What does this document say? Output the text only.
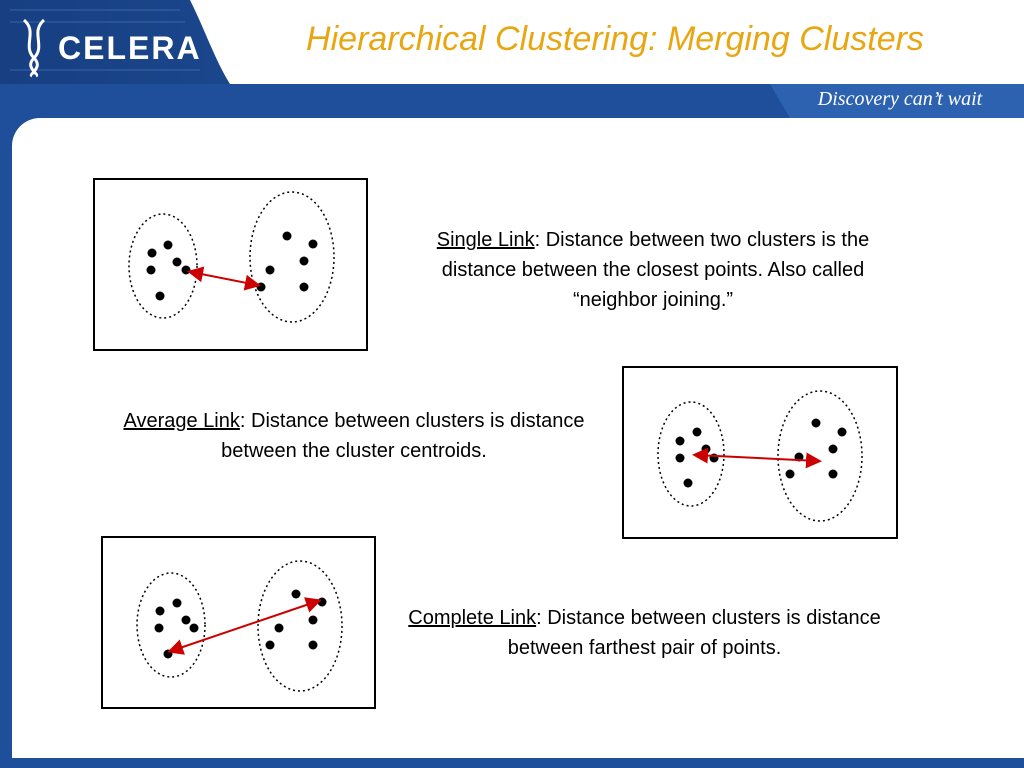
CELERA	Hierarchical Clustering: Merging Clusters
Discovery can’t wait
Single Link: Distance between two clusters is the distance between the closest points. Also called “neighbor joining.”
Average Link: Distance between clusters is distance between the cluster centroids.
Complete Link: Distance between clusters is distance between farthest pair of points.
